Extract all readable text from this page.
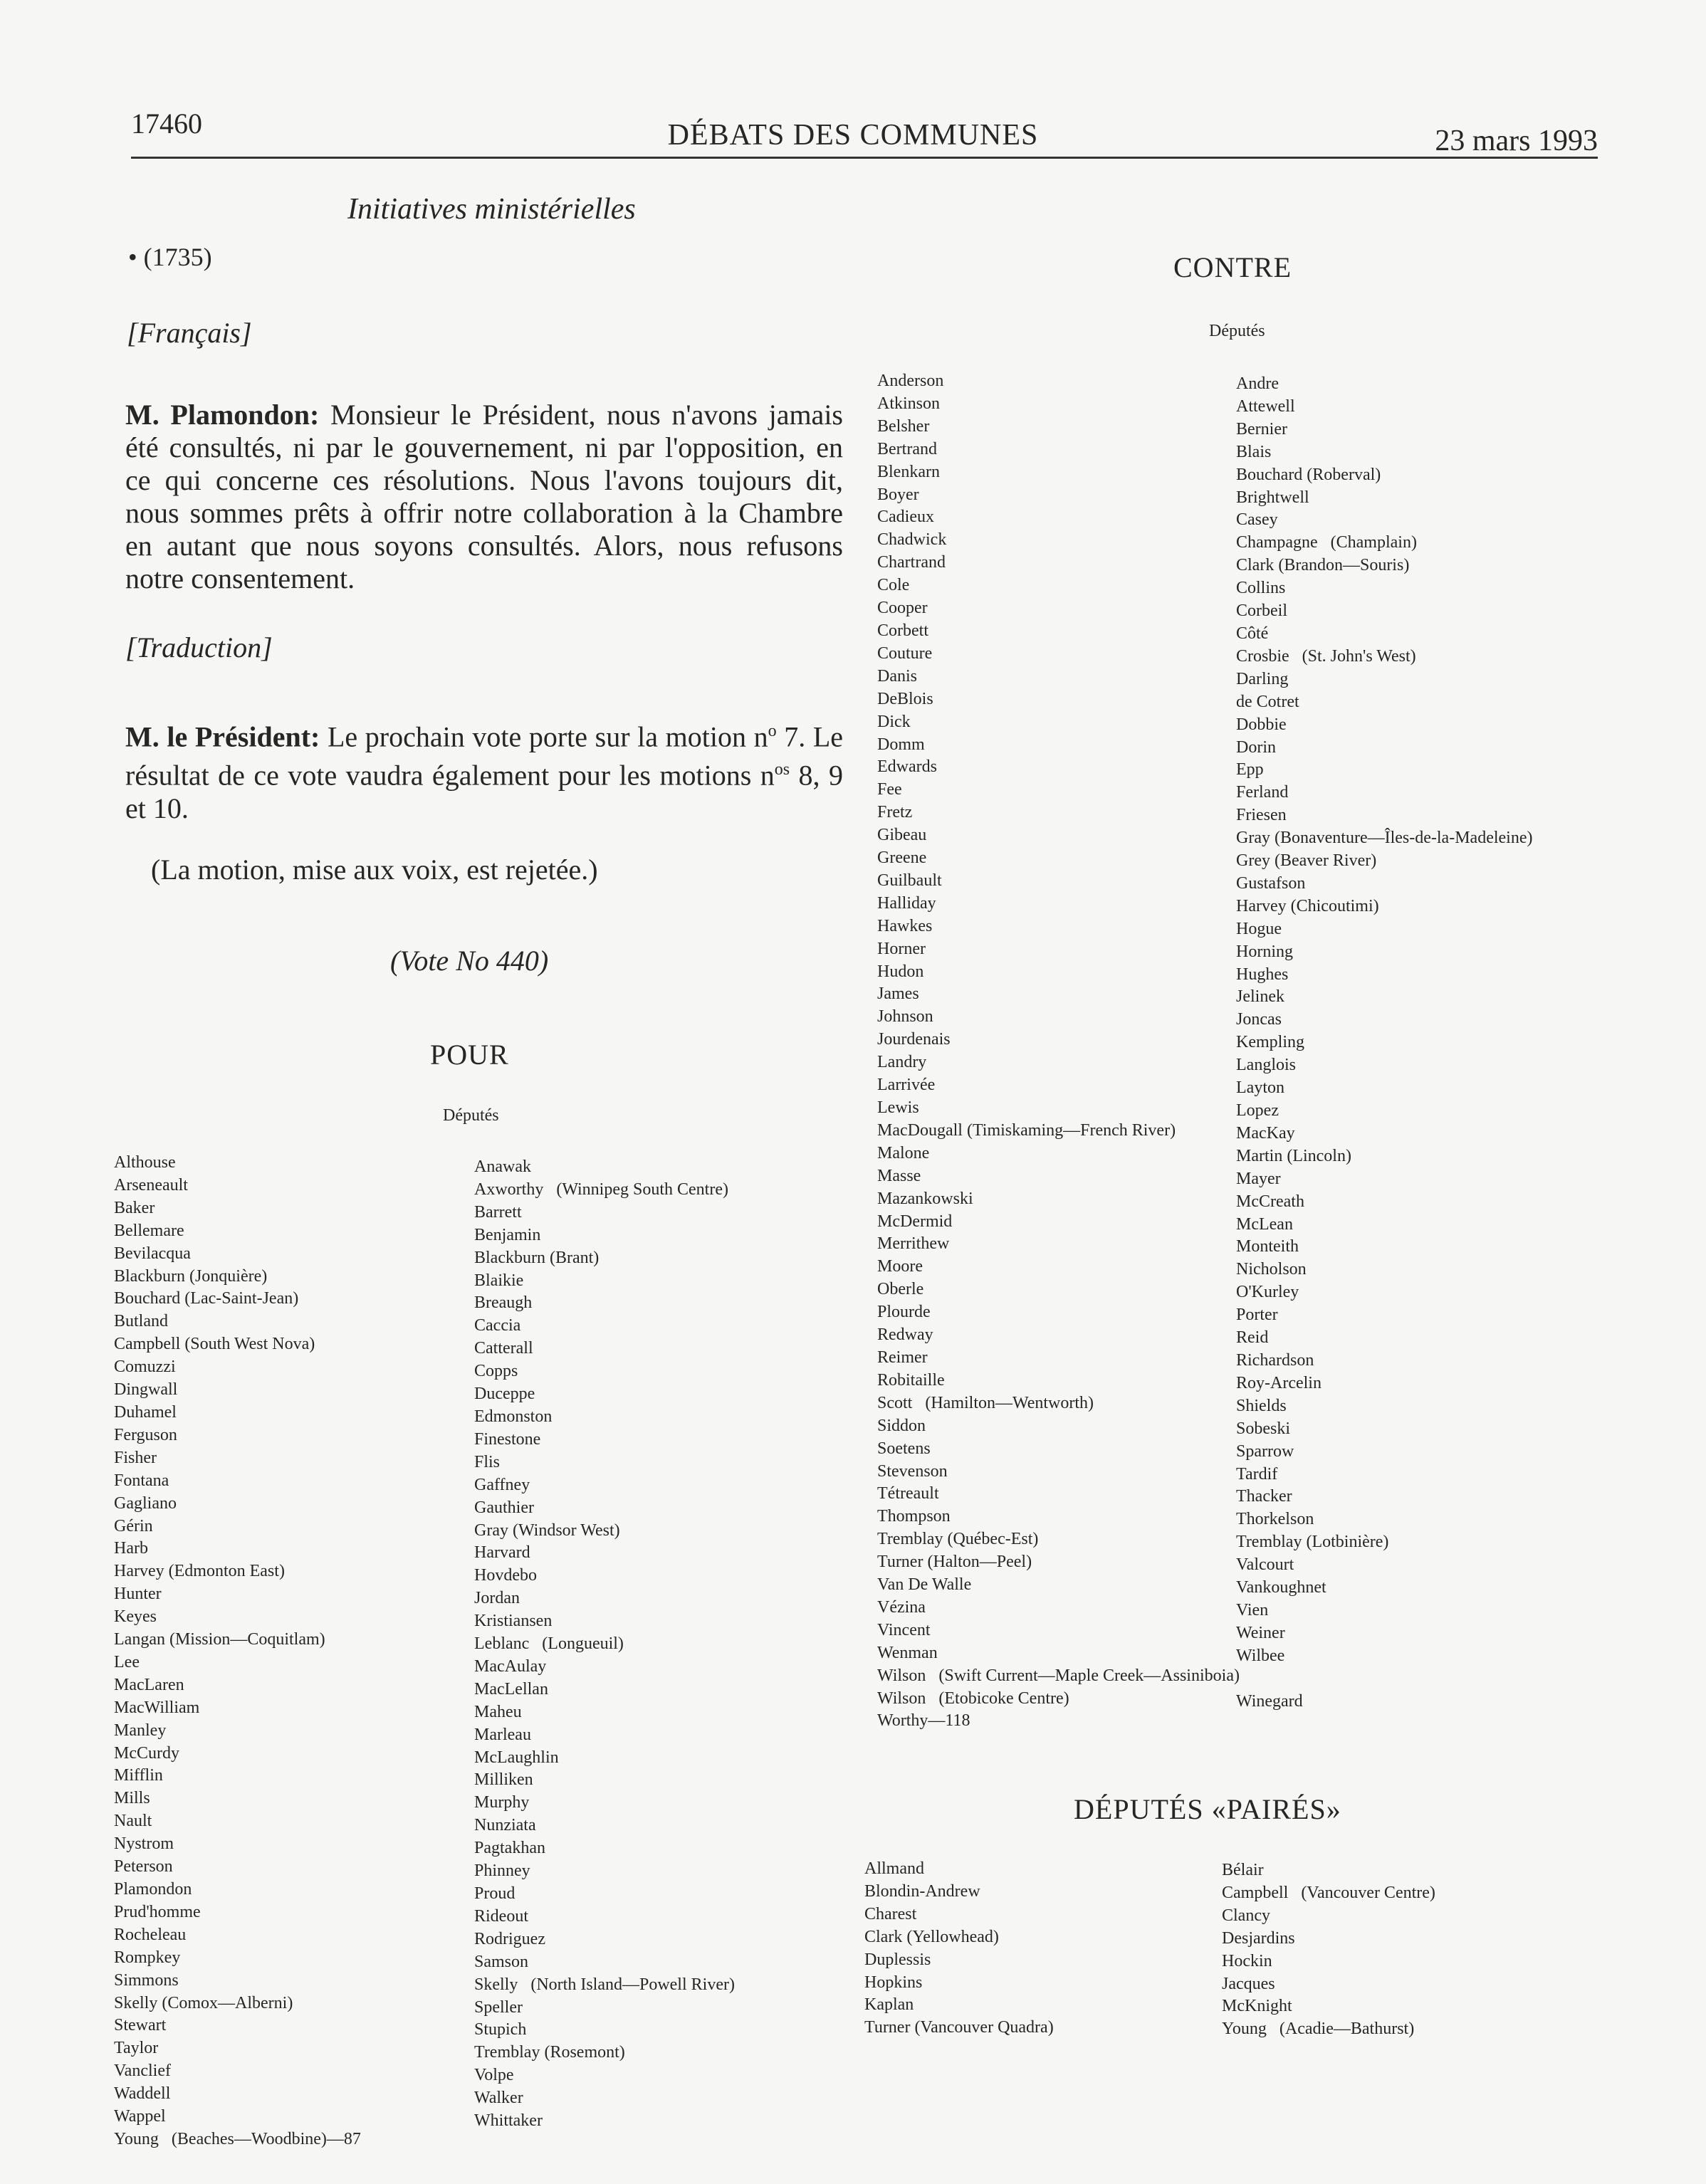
17460	DÉBATS DES COMMUNES	23 mars 1993
Initiatives ministérielles
• (1735)
[Français]
M. Plamondon: Monsieur le Président, nous n'avons jamais été consultés, ni par le gouvernement, ni par l'opposition, en ce qui concerne ces résolutions. Nous l'avons toujours dit, nous sommes prêts à offrir notre collaboration à la Chambre en autant que nous soyons consultés. Alors, nous refusons notre consentement.
[Traduction]
M. le Président: Le prochain vote porte sur la motion $n^o$ 7. Le résultat de ce vote vaudra également pour les motions $n^{os}$ 8, 9 et 10.
(La motion, mise aux voix, est rejetée.)
(Vote No 440)
POUR
Députés
Althouse
Arseneault
Baker
Bellemare
Bevilacqua
Blackburn (Jonquière)
Bouchard (Lac-Saint-Jean)
Butland
Campbell (South West Nova)
Comuzzi
Dingwall
Duhamel
Ferguson
Fisher
Fontana
Gagliano
Gérin
Harb
Harvey (Edmonton East)
Hunter
Keyes
Langan (Mission—Coquitlam)
Lee
MacLaren
MacWilliam
Manley
McCurdy
Mifflin
Mills
Nault
Nystrom
Peterson
Plamondon
Prud'homme
Rocheleau
Rompkey
Simmons
Skelly (Comox—Alberni)
Stewart
Taylor
Vanclief
Waddell
Wappel
Young   (Beaches—Woodbine)—87
Anawak
Axworthy   (Winnipeg South Centre)
Barrett
Benjamin
Blackburn (Brant)
Blaikie
Breaugh
Caccia
Catterall
Copps
Duceppe
Edmonston
Finestone
Flis
Gaffney
Gauthier
Gray (Windsor West)
Harvard
Hovdebo
Jordan
Kristiansen
Leblanc   (Longueuil)
MacAulay
MacLellan
Maheu
Marleau
McLaughlin
Milliken
Murphy
Nunziata
Pagtakhan
Phinney
Proud
Rideout
Rodriguez
Samson
Skelly   (North Island—Powell River)
Speller
Stupich
Tremblay (Rosemont)
Volpe
Walker
Whittaker
CONTRE
Députés
Anderson
Atkinson
Belsher
Bertrand
Blenkarn
Boyer
Cadieux
Chadwick
Chartrand
Cole
Cooper
Corbett
Couture
Danis
DeBlois
Dick
Domm
Edwards
Fee
Fretz
Gibeau
Greene
Guilbault
Halliday
Hawkes
Horner
Hudon
James
Johnson
Jourdenais
Landry
Larrivée
Lewis
MacDougall (Timiskaming—French River)
Malone
Masse
Mazankowski
McDermid
Merrithew
Moore
Oberle
Plourde
Redway
Reimer
Robitaille
Scott   (Hamilton—Wentworth)
Siddon
Soetens
Stevenson
Tétreault
Thompson
Tremblay (Québec-Est)
Turner (Halton—Peel)
Van De Walle
Vézina
Vincent
Wenman
Wilson   (Swift Current—Maple Creek—Assiniboia)
Wilson   (Etobicoke Centre)
Worthy—118
Andre
Attewell
Bernier
Blais
Bouchard (Roberval)
Brightwell
Casey
Champagne   (Champlain)
Clark (Brandon—Souris)
Collins
Corbeil
Côté
Crosbie   (St. John's West)
Darling
de Cotret
Dobbie
Dorin
Epp
Ferland
Friesen
Gray (Bonaventure—Îles-de-la-Madeleine)
Grey (Beaver River)
Gustafson
Harvey (Chicoutimi)
Hogue
Horning
Hughes
Jelinek
Joncas
Kempling
Langlois
Layton
Lopez
MacKay
Martin (Lincoln)
Mayer
McCreath
McLean
Monteith
Nicholson
O'Kurley
Porter
Reid
Richardson
Roy-Arcelin
Shields
Sobeski
Sparrow
Tardif
Thacker
Thorkelson
Tremblay (Lotbinière)
Valcourt
Vankoughnet
Vien
Weiner
Wilbee

Winegard
DÉPUTÉS «PAIRÉS»
Allmand
Blondin-Andrew
Charest
Clark (Yellowhead)
Duplessis
Hopkins
Kaplan
Turner (Vancouver Quadra)
Bélair
Campbell   (Vancouver Centre)
Clancy
Desjardins
Hockin
Jacques
McKnight
Young   (Acadie—Bathurst)
